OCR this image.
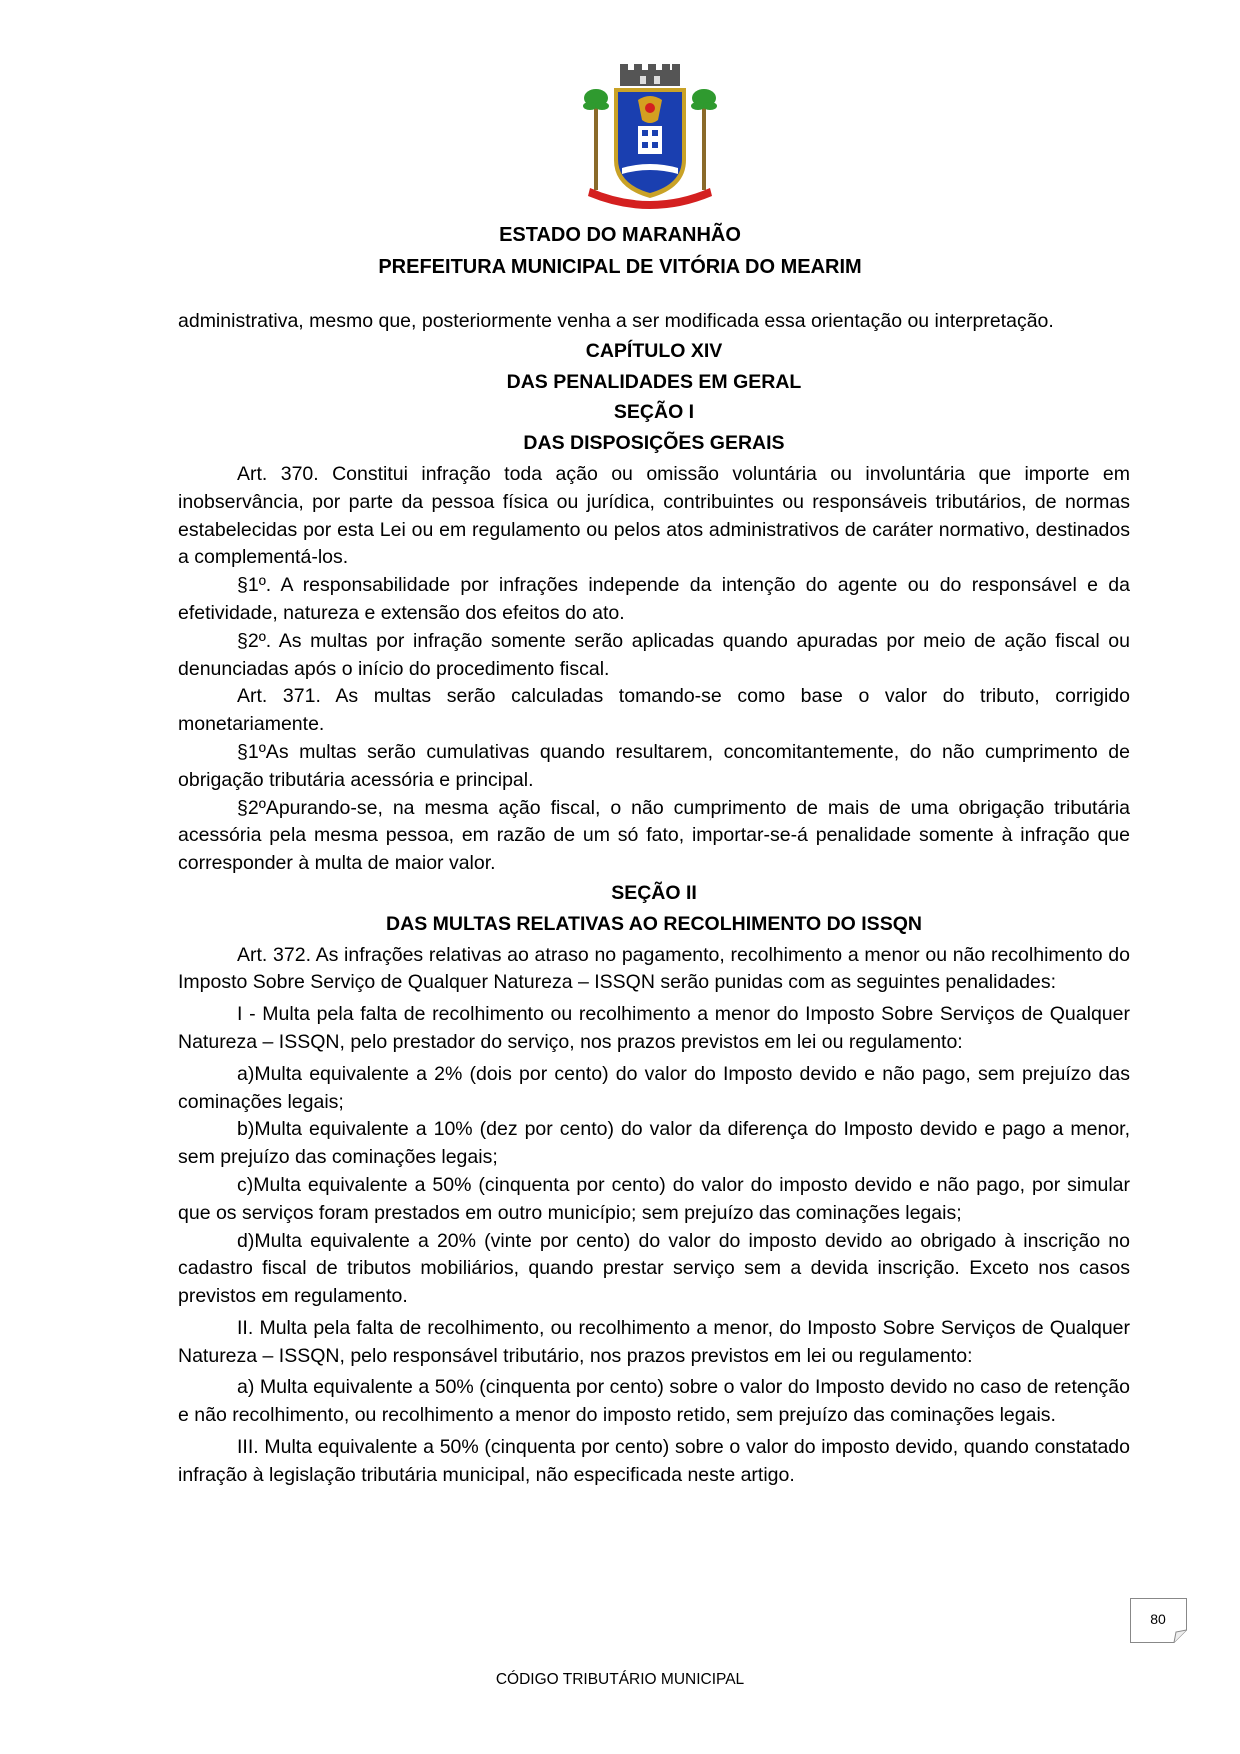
ESTADO DO MARANHÃO
PREFEITURA MUNICIPAL DE VITÓRIA DO MEARIM

administrativa, mesmo que, posteriormente venha a ser modificada essa orientação ou interpretação.

CAPÍTULO XIV

DAS PENALIDADES EM GERAL

SEÇÃO I

DAS DISPOSIÇÕES GERAIS

Art. 370. Constitui infração toda ação ou omissão voluntária ou involuntária que importe em inobservância, por parte da pessoa física ou jurídica, contribuintes ou responsáveis tributários, de normas estabelecidas por esta Lei ou em regulamento ou pelos atos administrativos de caráter normativo, destinados a complementá-los.

§1º. A responsabilidade por infrações independe da intenção do agente ou do responsável e da efetividade, natureza e extensão dos efeitos do ato.

§2º. As multas por infração somente serão aplicadas quando apuradas por meio de ação fiscal ou denunciadas após o início do procedimento fiscal.

Art. 371. As multas serão calculadas tomando-se como base o valor do tributo, corrigido monetariamente.

§1ºAs multas serão cumulativas quando resultarem, concomitantemente, do não cumprimento de obrigação tributária acessória e principal.

§2ºApurando-se, na mesma ação fiscal, o não cumprimento de mais de uma obrigação tributária acessória pela mesma pessoa, em razão de um só fato, importar-se-á penalidade somente à infração que corresponder à multa de maior valor.

SEÇÃO II

DAS MULTAS RELATIVAS AO RECOLHIMENTO DO ISSQN

Art. 372. As infrações relativas ao atraso no pagamento, recolhimento a menor ou não recolhimento do Imposto Sobre Serviço de Qualquer Natureza – ISSQN serão punidas com as seguintes penalidades:

I - Multa pela falta de recolhimento ou recolhimento a menor do Imposto Sobre Serviços de Qualquer Natureza – ISSQN, pelo prestador do serviço, nos prazos previstos em lei ou regulamento:

a)Multa equivalente a 2% (dois por cento) do valor do Imposto devido e não pago, sem prejuízo das cominações legais;

b)Multa equivalente a 10% (dez por cento) do valor da diferença do Imposto devido e pago a menor, sem prejuízo das cominações legais;

c)Multa equivalente a 50% (cinquenta por cento) do valor do imposto devido e não pago, por simular que os serviços foram prestados em outro município; sem prejuízo das cominações legais;

d)Multa equivalente a 20% (vinte por cento) do valor do imposto devido ao obrigado à inscrição no cadastro fiscal de tributos mobiliários, quando prestar serviço sem a devida inscrição. Exceto nos casos previstos em regulamento.

II. Multa pela falta de recolhimento, ou recolhimento a menor, do Imposto Sobre Serviços de Qualquer Natureza – ISSQN, pelo responsável tributário, nos prazos previstos em lei ou regulamento:

a) Multa equivalente a 50% (cinquenta por cento) sobre o valor do Imposto devido no caso de retenção e não recolhimento, ou recolhimento a menor do imposto retido, sem prejuízo das cominações legais.

III. Multa equivalente a 50% (cinquenta por cento) sobre o valor do imposto devido, quando constatado infração à legislação tributária municipal, não especificada neste artigo.

80
CÓDIGO TRIBUTÁRIO MUNICIPAL
